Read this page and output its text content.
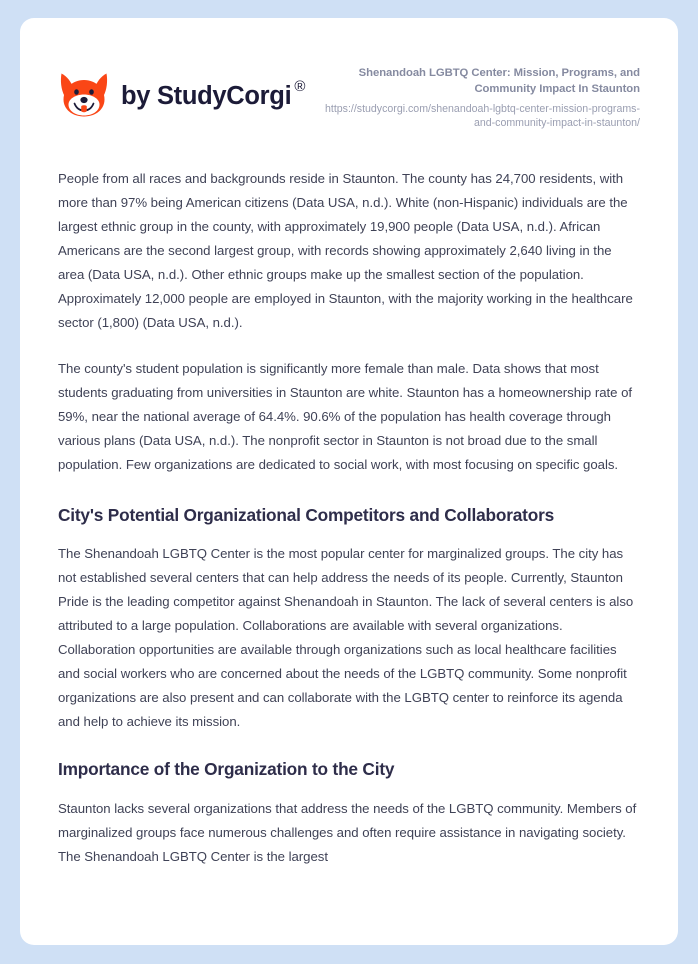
by StudyCorgi ®

Shenandoah LGBTQ Center: Mission, Programs, and Community Impact In Staunton

https://studycorgi.com/shenandoah-lgbtq-center-mission-programs-and-community-impact-in-staunton/

People from all races and backgrounds reside in Staunton. The county has 24,700 residents, with more than 97% being American citizens (Data USA, n.d.). White (non-Hispanic) individuals are the largest ethnic group in the county, with approximately 19,900 people (Data USA, n.d.). African Americans are the second largest group, with records showing approximately 2,640 living in the area (Data USA, n.d.). Other ethnic groups make up the smallest section of the population. Approximately 12,000 people are employed in Staunton, with the majority working in the healthcare sector (1,800) (Data USA, n.d.).

The county's student population is significantly more female than male. Data shows that most students graduating from universities in Staunton are white. Staunton has a homeownership rate of 59%, near the national average of 64.4%. 90.6% of the population has health coverage through various plans (Data USA, n.d.). The nonprofit sector in Staunton is not broad due to the small population. Few organizations are dedicated to social work, with most focusing on specific goals.

City's Potential Organizational Competitors and Collaborators

The Shenandoah LGBTQ Center is the most popular center for marginalized groups. The city has not established several centers that can help address the needs of its people. Currently, Staunton Pride is the leading competitor against Shenandoah in Staunton. The lack of several centers is also attributed to a large population. Collaborations are available with several organizations. Collaboration opportunities are available through organizations such as local healthcare facilities and social workers who are concerned about the needs of the LGBTQ community. Some nonprofit organizations are also present and can collaborate with the LGBTQ center to reinforce its agenda and help to achieve its mission.

Importance of the Organization to the City

Staunton lacks several organizations that address the needs of the LGBTQ community. Members of marginalized groups face numerous challenges and often require assistance in navigating society. The Shenandoah LGBTQ Center is the largest
